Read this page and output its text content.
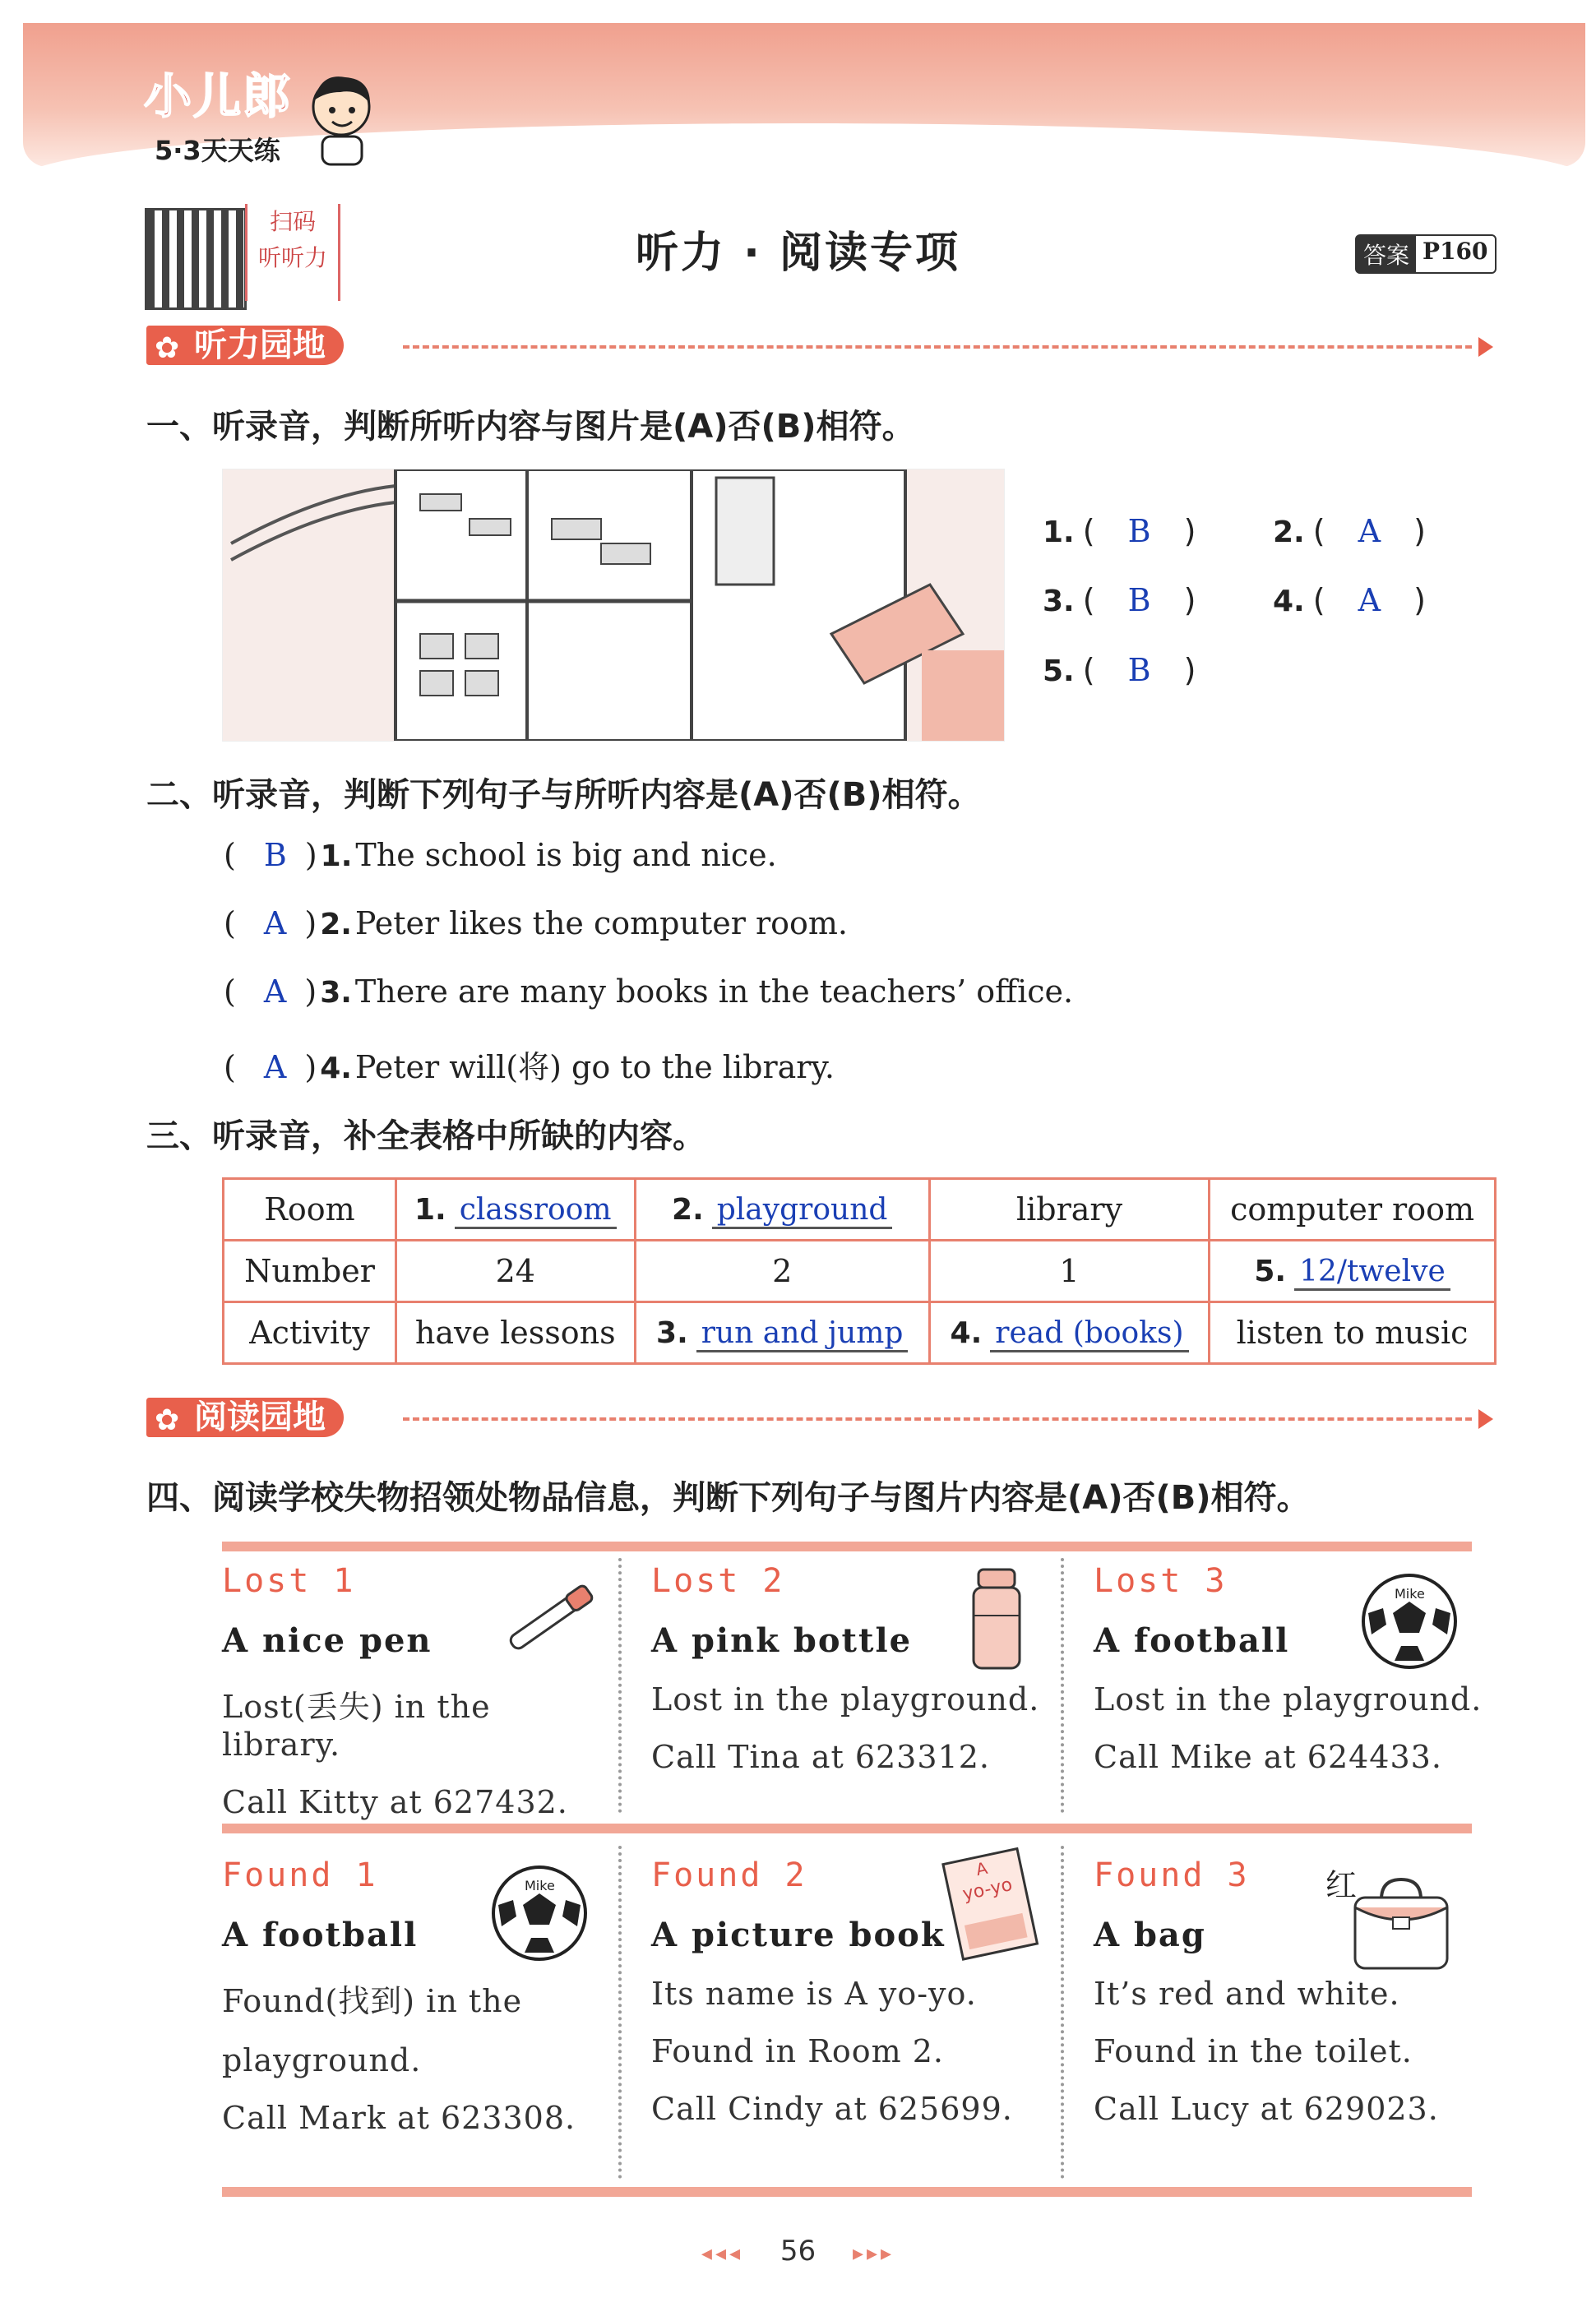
小儿郎
5·3天天练
扫码
听听力	听力 · 阅读专项	答案 P160
✿ 听力园地
一、听录音，判断所听内容与图片是(A)否(B)相符。
1. ( B )	2. ( A )
3. ( B )	4. ( A )
5. ( B )
二、听录音，判断下列句子与所听内容是(A)否(B)相符。
( B ) 1. The school is big and nice.
( A ) 2. Peter likes the computer room.
( A ) 3. There are many books in the teachers’ office.
( A ) 4. Peter will(将) go to the library.
三、听录音，补全表格中所缺的内容。
Room	1. classroom	2. playground	library	computer room
Number	24	2	1	5. 12/twelve
Activity	have lessons	3. run and jump	4. read (books)	listen to music
✿ 阅读园地
四、阅读学校失物招领处物品信息，判断下列句子与图片内容是(A)否(B)相符。
Lost 1
A nice pen
Lost(丢失) in the library.
Call Kitty at 627432.
Lost 2
A pink bottle
Lost in the playground.
Call Tina at 623312.
Lost 3
A football
Lost in the playground.
Call Mike at 624433.
Mike
Found 1
A football
Found(找到) in the
playground.
Call Mark at 623308.
Mike	Found 2
A picture book
Its name is A yo-yo.
Found in Room 2.
Call Cindy at 625699.
A
yo-yo Found 3
A bag
It’s red and white.
Found in the toilet.
Call Lucy at 629023.
红
◂◂◂ 56 ▸▸▸
